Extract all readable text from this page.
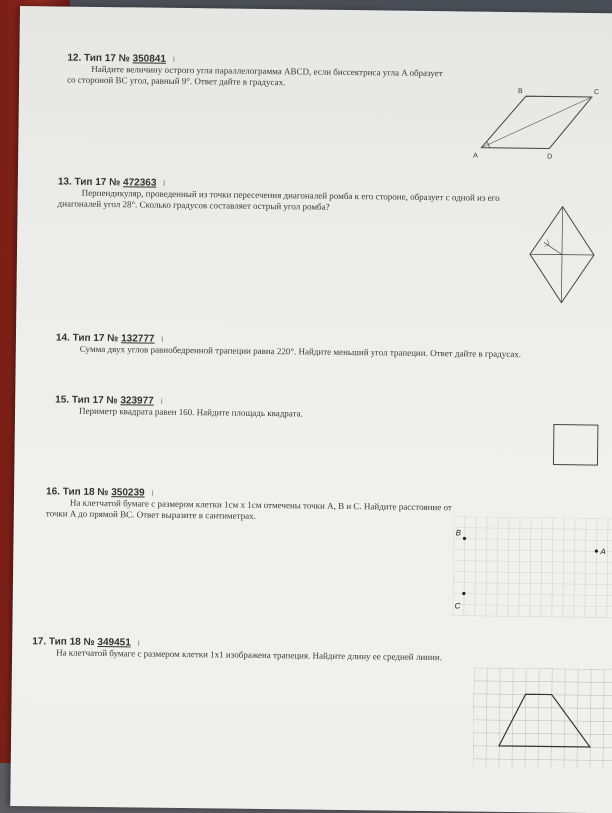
12. Тип 17 № 350841 i
Найдите величину острого угла параллелограмма ABCD, если биссектриса угла A образует со стороной BC угол, равный 9°. Ответ дайте в градусах.
B	C
A	D
13. Тип 17 № 472363 i
Перпендикуляр, проведенный из точки пересечения диагоналей ромба к его стороне, образует с одной из его диагоналей угол 28°. Сколько градусов составляет острый угол ромба?
14. Тип 17 № 132777 i
Сумма двух углов равнобедренной трапеции равна 220°. Найдите меньший угол трапеции. Ответ дайте в градусах.
15. Тип 17 № 323977 i
Периметр квадрата равен 160. Найдите площадь квадрата.
16. Тип 18 № 350239 i
На клетчатой бумаге с размером клетки 1см х 1см отмечены точки A, B и C. Найдите расстояние от точки A до прямой BC. Ответ выразите в сантиметрах.
B
A
C
17. Тип 18 № 349451 i
На клетчатой бумаге с размером клетки 1x1 изображена трапеция. Найдите длину ее средней линии.
